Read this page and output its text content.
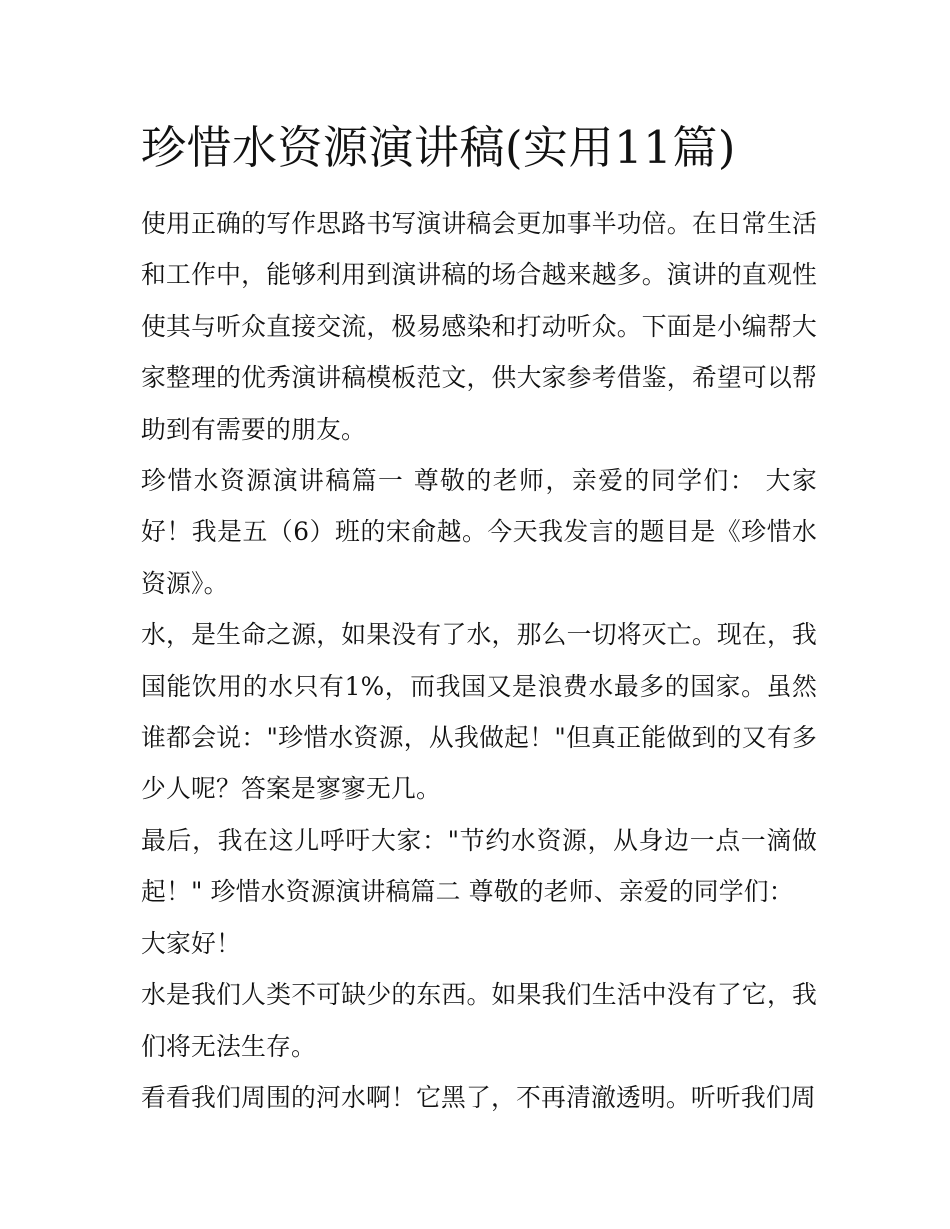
珍惜水资源演讲稿(实用11篇)

使用正确的写作思路书写演讲稿会更加事半功倍。在日常生活和工作中，能够利用到演讲稿的场合越来越多。演讲的直观性使其与听众直接交流，极易感染和打动听众。下面是小编帮大家整理的优秀演讲稿模板范文，供大家参考借鉴，希望可以帮助到有需要的朋友。

珍惜水资源演讲稿篇一 尊敬的老师，亲爱的同学们： 大家好！我是五（6）班的宋俞越。今天我发言的题目是《珍惜水资源》。

水，是生命之源，如果没有了水，那么一切将灭亡。现在，我国能饮用的水只有1%，而我国又是浪费水最多的国家。虽然谁都会说："珍惜水资源，从我做起！"但真正能做到的又有多少人呢？答案是寥寥无几。

最后，我在这儿呼吁大家："节约水资源，从身边一点一滴做起！" 珍惜水资源演讲稿篇二 尊敬的老师、亲爱的同学们：

大家好！

水是我们人类不可缺少的东西。如果我们生活中没有了它，我们将无法生存。

看看我们周围的河水啊！它黑了，不再清澈透明。听听我们周
